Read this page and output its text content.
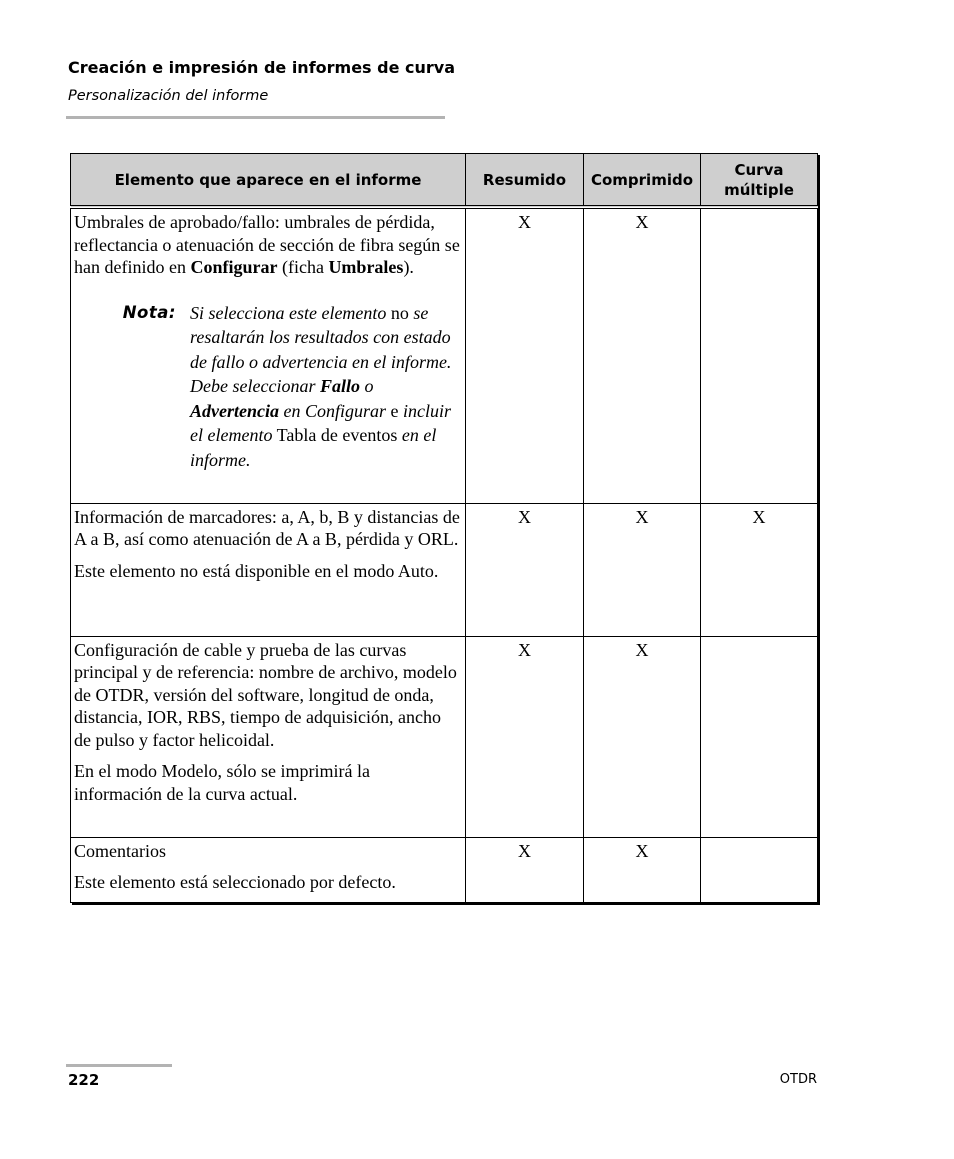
Creación e impresión de informes de curva
Personalización del informe
Elemento que aparece en el informe	Resumido	Comprimido	Curva múltiple

Umbrales de aprobado/fallo: umbrales de pérdida, reflectancia o atenuación de sección de fibra según se han definido en Configurar (ficha Umbrales).

Nota: Si selecciona este elemento no se resaltarán los resultados con estado de fallo o advertencia en el informe. Debe seleccionar Fallo o Advertencia en Configurar e incluir el elemento Tabla de eventos en el informe.	X	X	

Información de marcadores: a, A, b, B y distancias de A a B, así como atenuación de A a B, pérdida y ORL.

Este elemento no está disponible en el modo Auto.	X	X	X

Configuración de cable y prueba de las curvas principal y de referencia: nombre de archivo, modelo de OTDR, versión del software, longitud de onda, distancia, IOR, RBS, tiempo de adquisición, ancho de pulso y factor helicoidal.

En el modo Modelo, sólo se imprimirá la información de la curva actual.	X	X	

Comentarios

Este elemento está seleccionado por defecto.	X	X	
222	OTDR
